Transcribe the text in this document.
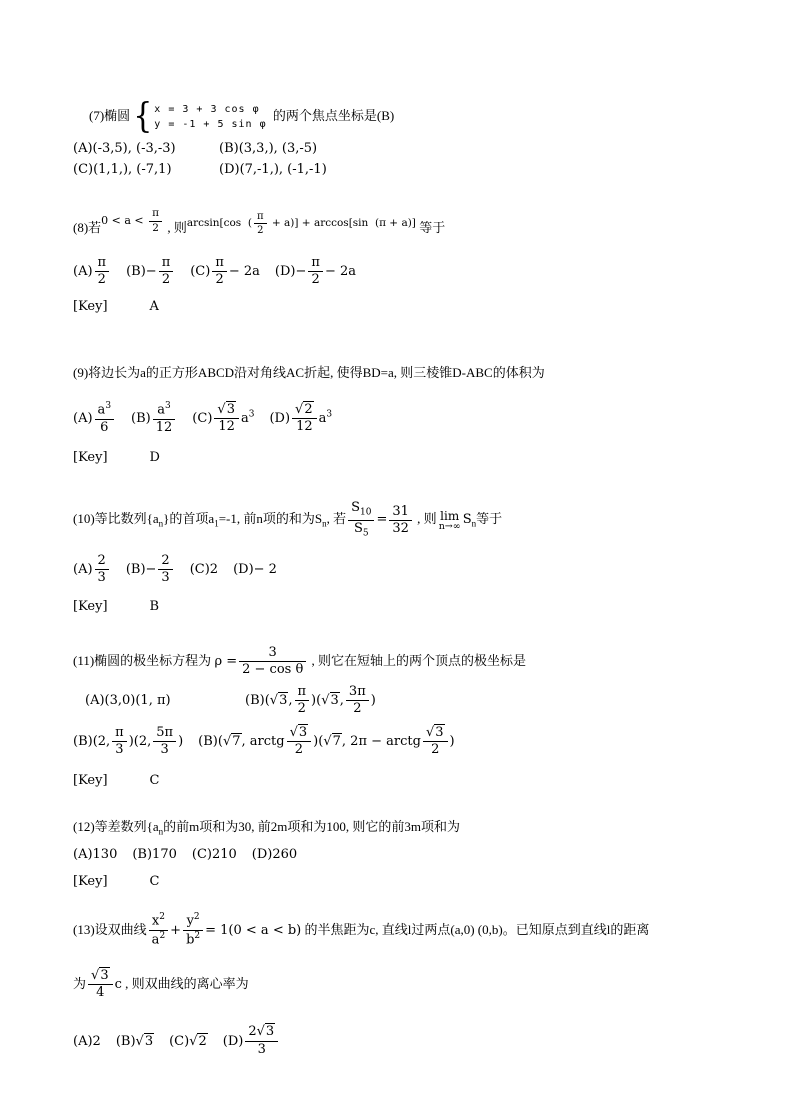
(7)椭圆 { x = 3 + 3 cos φ
y = -1 + 5 sin φ
的两个焦点坐标是(B)
(A)(-3,5), (-3,-3)	(B)(3,3,), (3,-5)
(C)(1,1,), (-7,1)	(D)(7,-1,), (-1,-1)
(8)若$^{0 < a < \frac{\pi}{2}}$ , 则$^{arcsin[cos ( \frac{\pi}{2} + a)] + arccos[sin (\pi + a)]}$ 等于
$(A) \frac{\pi}{2} (B)- \frac{\pi}{2} (C) \frac{\pi}{2} - 2a$ $(D)- \frac{\pi}{2} - 2a$
[Key]	A
(9)将边长为a的正方形ABCD沿对角线AC折起, 使得BD=a, 则三棱锥D-ABC的体积为
$(A) \frac{a^3}{6} (B) \frac{a^3}{12} (C)$ √ $\frac{3}{12} a^3$ (D) √ $\frac{2}{12} a^3$
[Key]	D
(10)等比数列$\{a_n\}$的首项$a_1=-1$, 前n项的和为$S_n$, 若 $\frac{S_{10}}{S_5} = \frac{31}{32}$ , 则 lim
n→∞ $S_n$等于
$(A) \frac{2}{3} (B)- \frac{2}{3} (C)2$ (D)− 2
[Key]	B
(11)椭圆的极坐标方程为 $\rho = \frac{3}{\text{2 − cos θ}}$ , 则它在短轴上的两个顶点的极坐标是
(A)(3,0)(1, π)	(B)( √ 3, $\frac{\pi}{2}$ )( √ 3, $\frac{3\pi}{2}$ )
(B)(2, $\frac{\pi}{3} )(2$, $\frac{5\pi}{3}$ ) (B)( √ 7, arctg √ $\frac{3}{2}$ )( √ 7, 2π − arctg √ $\frac{3}{2}$ )
[Key]	C
(12)等差数列{$a_n$的前m项和为30, 前2m项和为100, 则它的前3m项和为
(A)130 (B)170 (C)210 (D)260
[Key]	C
(13)设双曲线 $\frac{x^2}{a^2} + \frac{y^2}{b^2} = 1(0 < a < b)$ 的半焦距为c, 直线l过两点(a,0) (0,b)。已知原点到直线l的距离
为 √ $\frac{3}{4}$ c , 则双曲线的离心率为
(A)2 (B) √ 3 (C) √ 2 $(D) \frac{2 √ 3}{3}$
